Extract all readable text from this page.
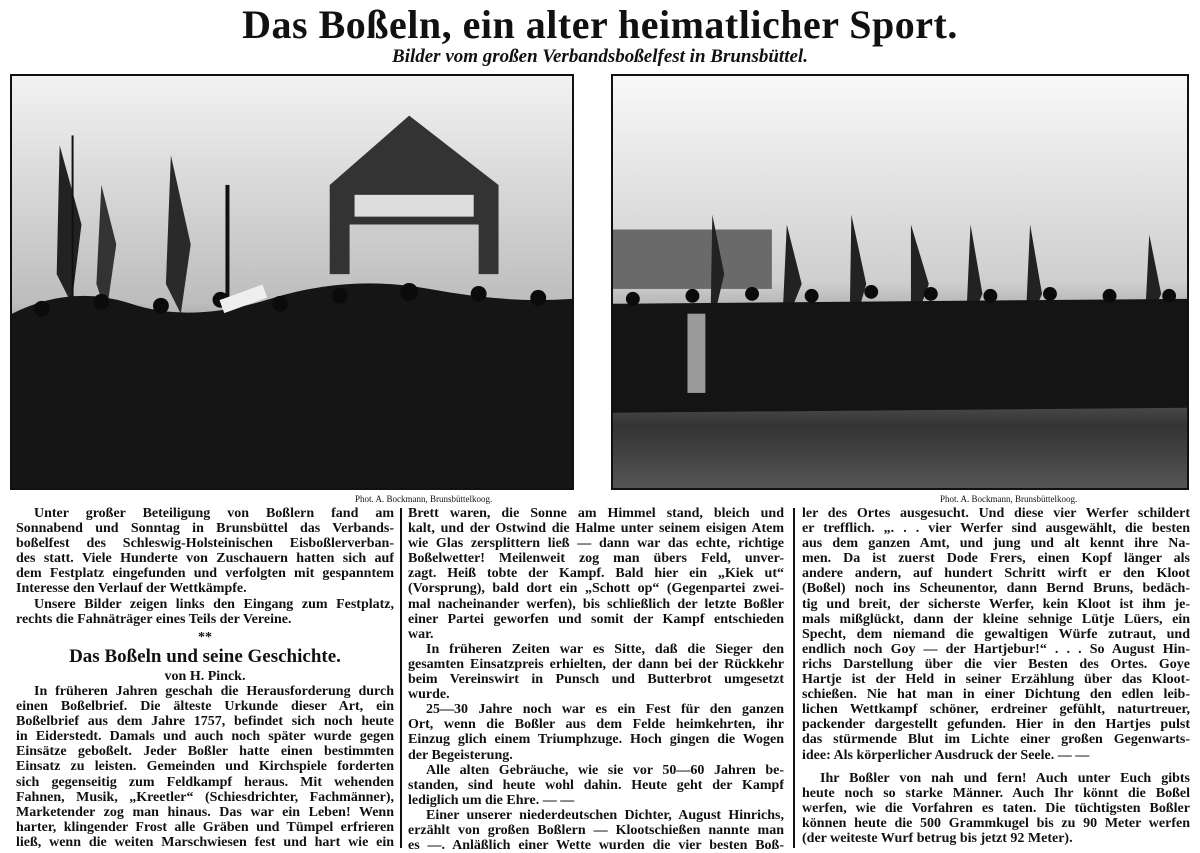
Das Boßeln, ein alter heimatlicher Sport.
Bilder vom großen Verbandsboßelfest in Brunsbüttel.
Phot. A. Bockmann, Brunsbüttelkoog.	Phot. A. Bockmann, Brunsbüttelkoog.
Unter großer Beteiligung von Boßlern fand am
Sonnabend und Sonntag in Brunsbüttel das Verbands-
boßelfest des Schleswig-Holsteinischen Eisboßlerverban-
des statt. Viele Hunderte von Zuschauern hatten sich auf
dem Festplatz eingefunden und verfolgten mit gespanntem
Interesse den Verlauf der Wettkämpfe.
Unsere Bilder zeigen links den Eingang zum Festplatz,
rechts die Fahnäträger eines Teils der Vereine.
**
Das Boßeln und seine Geschichte.
von H. Pinck.
In früheren Jahren geschah die Herausforderung durch
einen Boßelbrief. Die älteste Urkunde dieser Art, ein
Boßelbrief aus dem Jahre 1757, befindet sich noch heute
in Eiderstedt. Damals und auch noch später wurde gegen
Einsätze geboßelt. Jeder Boßler hatte einen bestimmten
Einsatz zu leisten. Gemeinden und Kirchspiele forderten
sich gegenseitig zum Feldkampf heraus. Mit wehenden
Fahnen, Musik, „Kreetler“ (Schiesdrichter, Fachmänner),
Marketender zog man hinaus. Das war ein Leben! Wenn
harter, klingender Frost alle Gräben und Tümpel erfrieren
ließ, wenn die weiten Marschwiesen fest und hart wie ein
Brett waren, die Sonne am Himmel stand, bleich und
kalt, und der Ostwind die Halme unter seinem eisigen Atem
wie Glas zersplittern ließ — dann war das echte, richtige
Boßelwetter! Meilenweit zog man übers Feld, unver-
zagt. Heiß tobte der Kampf. Bald hier ein „Kiek ut“
(Vorsprung), bald dort ein „Schott op“ (Gegenpartei zwei-
mal nacheinander werfen), bis schließlich der letzte Boßler
einer Partei geworfen und somit der Kampf entschieden
war.
In früheren Zeiten war es Sitte, daß die Sieger den
gesamten Einsatzpreis erhielten, der dann bei der Rückkehr
beim Vereinswirt in Punsch und Butterbrot umgesetzt
wurde.
25—30 Jahre noch war es ein Fest für den ganzen
Ort, wenn die Boßler aus dem Felde heimkehrten, ihr
Einzug glich einem Triumphzuge. Hoch gingen die Wogen
der Begeisterung.
Alle alten Gebräuche, wie sie vor 50—60 Jahren be-
standen, sind heute wohl dahin. Heute geht der Kampf
lediglich um die Ehre. — —
Einer unserer niederdeutschen Dichter, August Hinrichs,
erzählt von großen Boßlern — Klootschießen nannte man
es —. Anläßlich einer Wette wurden die vier besten Boß-
ler des Ortes ausgesucht. Und diese vier Werfer schildert
er trefflich. „. . . vier Werfer sind ausgewählt, die besten
aus dem ganzen Amt, und jung und alt kennt ihre Na-
men. Da ist zuerst Dode Frers, einen Kopf länger als
andere andern, auf hundert Schritt wirft er den Kloot
(Boßel) noch ins Scheunentor, dann Bernd Bruns, bedäch-
tig und breit, der sicherste Werfer, kein Kloot ist ihm je-
mals mißglückt, dann der kleine sehnige Lütje Lüers, ein
Specht, dem niemand die gewaltigen Würfe zutraut, und
endlich noch Goy — der Hartjebur!“ . . . So August Hin-
richs Darstellung über die vier Besten des Ortes. Goye
Hartje ist der Held in seiner Erzählung über das Kloot-
schießen. Nie hat man in einer Dichtung den edlen leib-
lichen Wettkampf schöner, erdreiner gefühlt, naturtreuer,
packender dargestellt gefunden. Hier in den Hartjes pulst
das stürmende Blut im Lichte einer großen Gegenwarts-
idee: Als körperlicher Ausdruck der Seele. — —
Ihr Boßler von nah und fern! Auch unter Euch gibts
heute noch so starke Männer. Auch Ihr könnt die Boßel
werfen, wie die Vorfahren es taten. Die tüchtigsten Boßler
können heute die 500 Grammkugel bis zu 90 Meter werfen
(der weiteste Wurf betrug bis jetzt 92 Meter).
